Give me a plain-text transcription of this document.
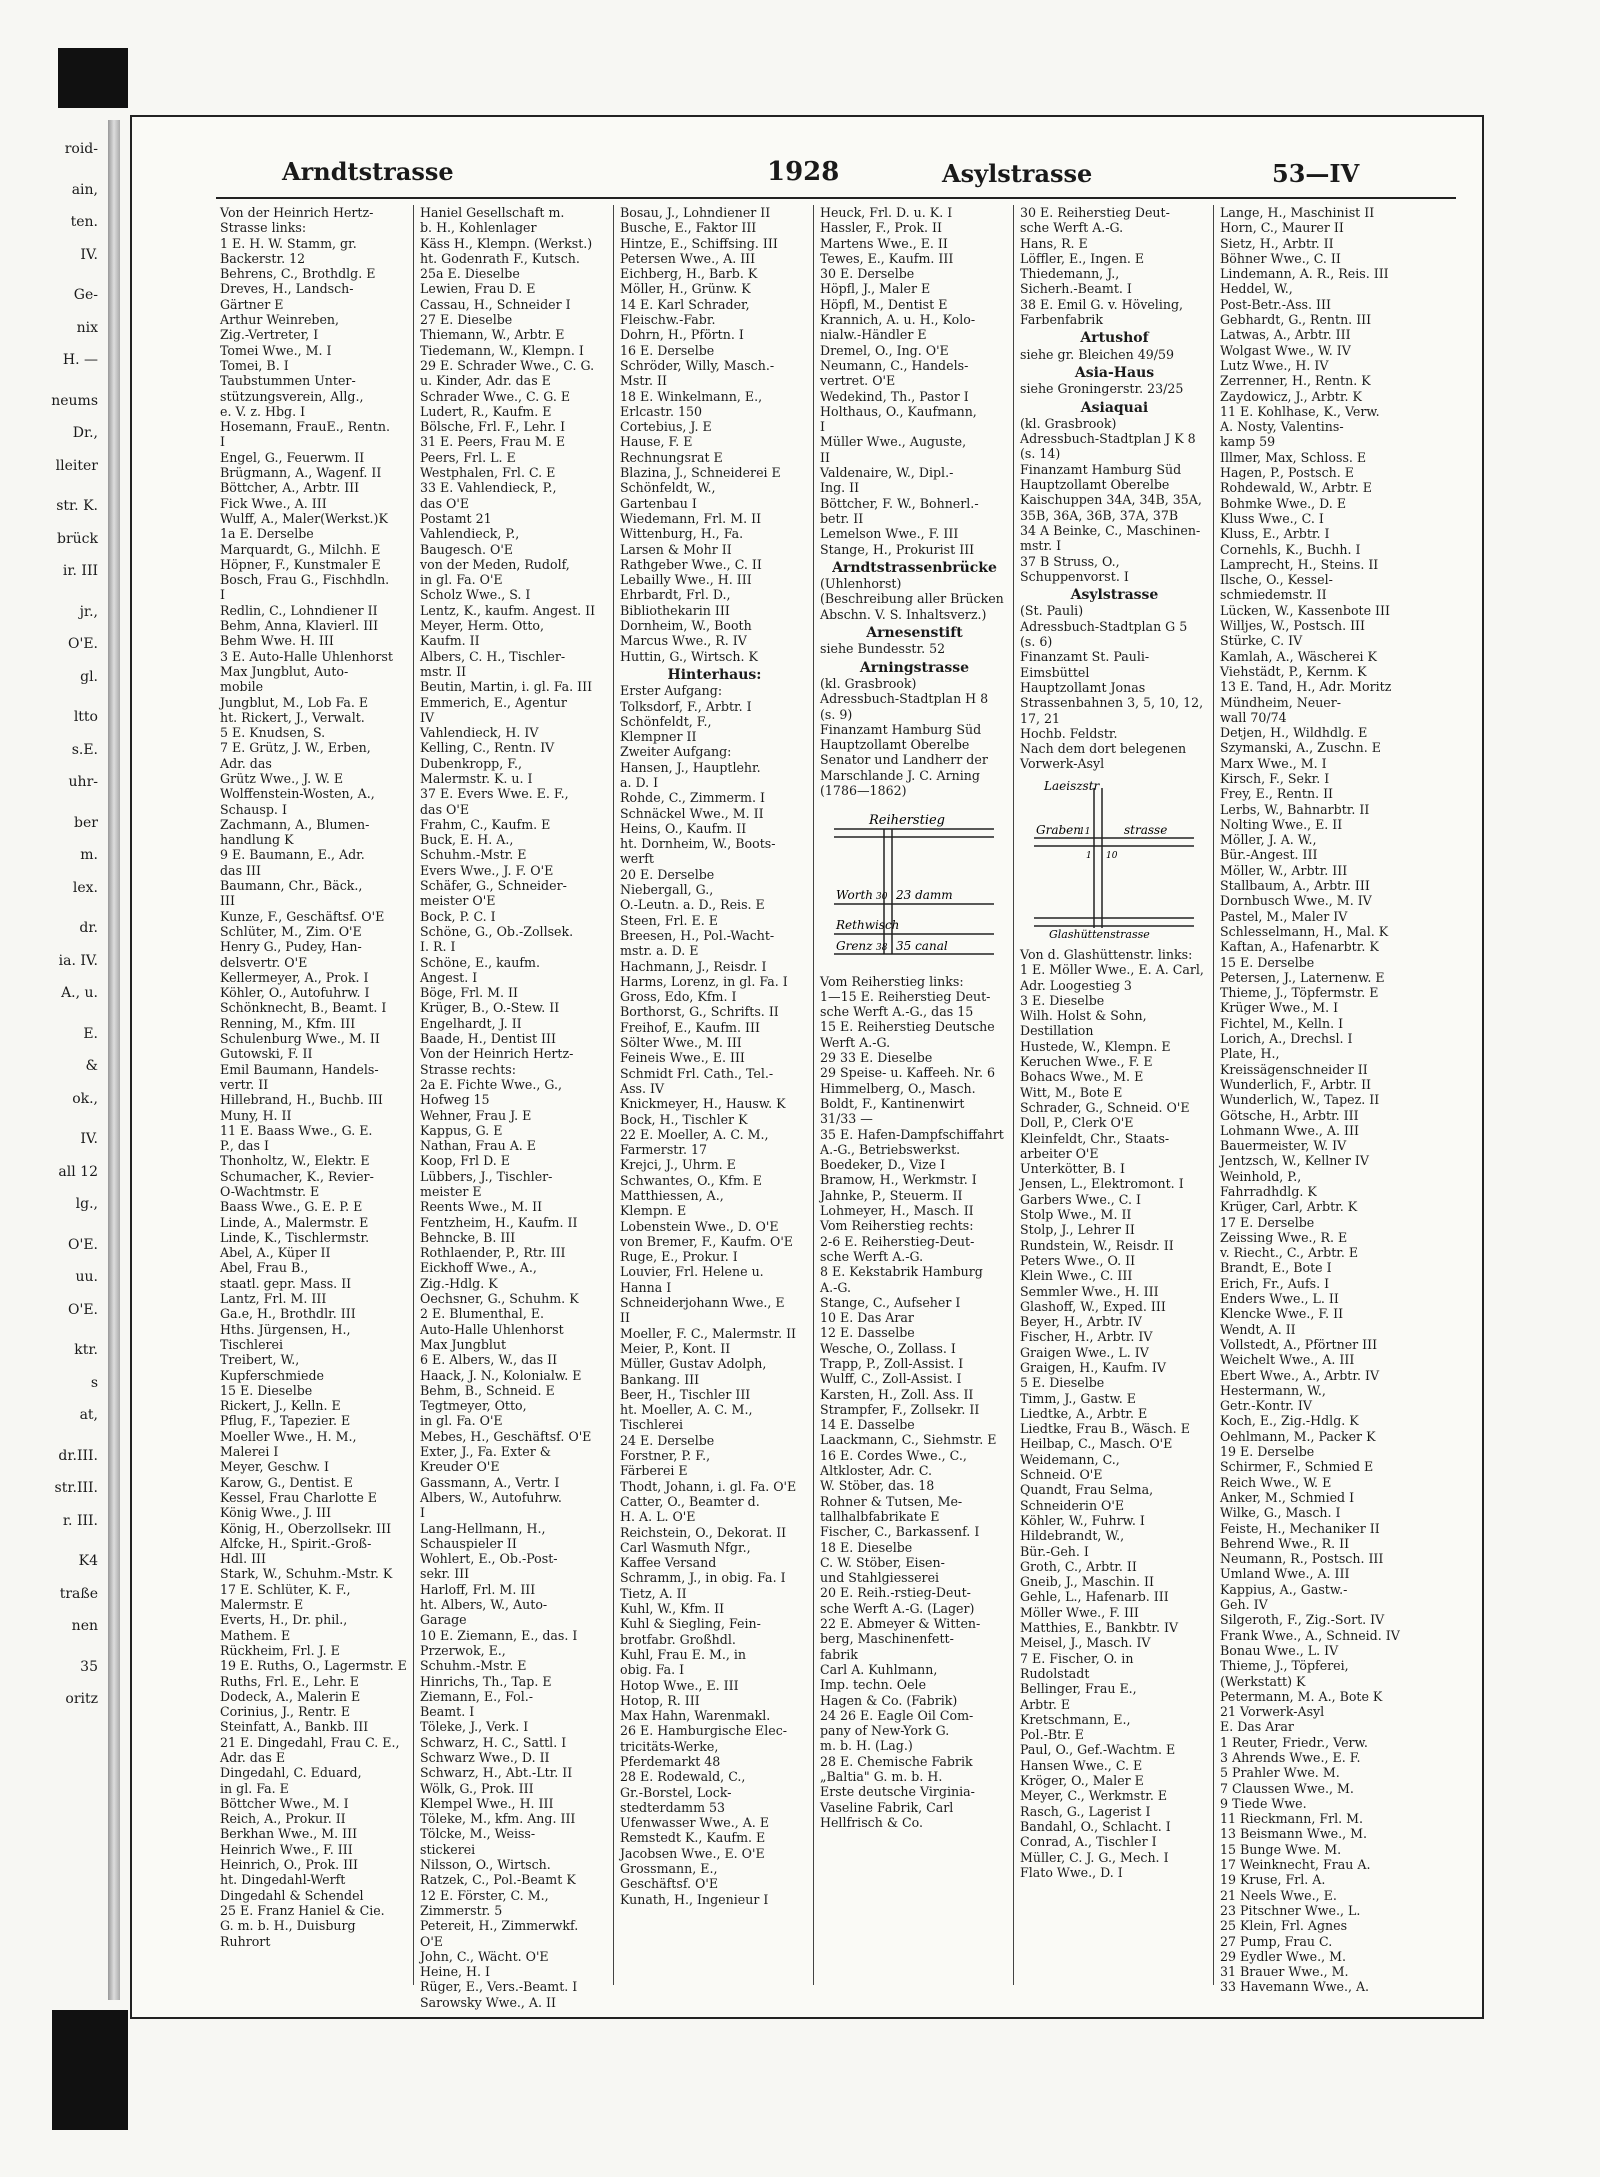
roid-
ain,
ten.
IV.
Ge-
nix
H. —
neums
Dr.,
lleiter
str. K.
brück
ir. III
jr.,
O'E.
gl.
ltto
s.E.
uhr-
ber
m.
lex.
dr.
ia. IV.
A., u.
E.
&
ok.,
IV.
all 12
lg.,
O'E.
uu.
O'E.
ktr.
s
at,
dr.III.
str.III.
r. III.
K4
traße
nen
35
oritz
Arndtstrasse	1928	Asylstrasse	53—IV
Von der Heinrich Hertz-
Strasse links:
1 E. H. W. Stamm, gr.
Backerstr. 12
Behrens, C., Brothdlg. E
Dreves, H., Landsch-
Gärtner E
Arthur Weinreben,
Zig.-Vertreter, I
Tomei Wwe., M. I
Tomei, B. I
Taubstummen Unter-
stützungsverein, Allg.,
e. V. z. Hbg. I
Hosemann, FrauE., Rentn.
I
Engel, G., Feuerwm. II
Brügmann, A., Wagenf. II
Böttcher, A., Arbtr. III
Fick Wwe., A. III
Wulff, A., Maler(Werkst.)K
1a E. Derselbe
Marquardt, G., Milchh. E
Höpner, F., Kunstmaler E
Bosch, Frau G., Fischhdln.
I
Redlin, C., Lohndiener II
Behm, Anna, Klavierl. III
Behm Wwe. H. III
3 E. Auto-Halle Uhlenhorst
Max Jungblut, Auto-
mobile
Jungblut, M., Lob Fa. E
ht. Rickert, J., Verwalt.
5 E. Knudsen, S.
7 E. Grütz, J. W., Erben,
Adr. das
Grütz Wwe., J. W. E
Wolffenstein-Wosten, A.,
Schausp. I
Zachmann, A., Blumen-
handlung K
9 E. Baumann, E., Adr.
das III
Baumann, Chr., Bäck.,
III
Kunze, F., Geschäftsf. O'E
Schlüter, M., Zim. O'E
Henry G., Pudey, Han-
delsvertr. O'E
Kellermeyer, A., Prok. I
Köhler, O., Autofuhrw. I
Schönknecht, B., Beamt. I
Renning, M., Kfm. III
Schulenburg Wwe., M. II
Gutowski, F. II
Emil Baumann, Handels-
vertr. II
Hillebrand, H., Buchb. III
Muny, H. II
11 E. Baass Wwe., G. E.
P., das I
Thonholtz, W., Elektr. E
Schumacher, K., Revier-
O-Wachtmstr. E
Baass Wwe., G. E. P. E
Linde, A., Malermstr. E
Linde, K., Tischlermstr.
Abel, A., Küper II
Abel, Frau B.,
staatl. gepr. Mass. II
Lantz, Frl. M. III
Ga.e, H., Brothdlr. III
Hths. Jürgensen, H.,
Tischlerei
Treibert, W.,
Kupferschmiede
15 E. Dieselbe
Rickert, J., Kelln. E
Pflug, F., Tapezier. E
Moeller Wwe., H. M.,
Malerei I
Meyer, Geschw. I
Karow, G., Dentist. E
Kessel, Frau Charlotte E
König Wwe., J. III
König, H., Oberzollsekr. III
Alfcke, H., Spirit.-Groß-
Hdl. III
Stark, W., Schuhm.-Mstr. K
17 E. Schlüter, K. F.,
Malermstr. E
Everts, H., Dr. phil.,
Mathem. E
Rückheim, Frl. J. E
19 E. Ruths, O., Lagermstr. E
Ruths, Frl. E., Lehr. E
Dodeck, A., Malerin E
Corinius, J., Rentr. E
Steinfatt, A., Bankb. III
21 E. Dingedahl, Frau C. E.,
Adr. das E
Dingedahl, C. Eduard,
in gl. Fa. E
Böttcher Wwe., M. I
Reich, A., Prokur. II
Berkhan Wwe., M. III
Heinrich Wwe., F. III
Heinrich, O., Prok. III
ht. Dingedahl-Werft
Dingedahl & Schendel
25 E. Franz Haniel & Cie.
G. m. b. H., Duisburg
Ruhrort
Haniel Gesellschaft m.
b. H., Kohlenlager
Käss H., Klempn. (Werkst.)
ht. Godenrath F., Kutsch.
25a E. Dieselbe
Lewien, Frau D. E
Cassau, H., Schneider I
27 E. Dieselbe
Thiemann, W., Arbtr. E
Tiedemann, W., Klempn. I
29 E. Schrader Wwe., C. G.
u. Kinder, Adr. das E
Schrader Wwe., C. G. E
Ludert, R., Kaufm. E
Bölsche, Frl. F., Lehr. I
31 E. Peers, Frau M. E
Peers, Frl. L. E
Westphalen, Frl. C. E
33 E. Vahlendieck, P.,
das O'E
Postamt 21
Vahlendieck, P.,
Baugesch. O'E
von der Meden, Rudolf,
in gl. Fa. O'E
Scholz Wwe., S. I
Lentz, K., kaufm. Angest. II
Meyer, Herm. Otto,
Kaufm. II
Albers, C. H., Tischler-
mstr. II
Beutin, Martin, i. gl. Fa. III
Emmerich, E., Agentur
IV
Vahlendieck, H. IV
Kelling, C., Rentn. IV
Dubenkropp, F.,
Malermstr. K. u. I
37 E. Evers Wwe. E. F.,
das O'E
Frahm, C., Kaufm. E
Buck, E. H. A.,
Schuhm.-Mstr. E
Evers Wwe., J. F. O'E
Schäfer, G., Schneider-
meister O'E
Bock, P. C. I
Schöne, G., Ob.-Zollsek.
I. R. I
Schöne, E., kaufm.
Angest. I
Böge, Frl. M. II
Krüger, B., O.-Stew. II
Engelhardt, J. II
Baade, H., Dentist III
Von der Heinrich Hertz-
Strasse rechts:
2a E. Fichte Wwe., G.,
Hofweg 15
Wehner, Frau J. E
Kappus, G. E
Nathan, Frau A. E
Koop, Frl D. E
Lübbers, J., Tischler-
meister E
Reents Wwe., M. II
Fentzheim, H., Kaufm. II
Behncke, B. III
Rothlaender, P., Rtr. III
Eickhoff Wwe., A.,
Zig.-Hdlg. K
Oechsner, G., Schuhm. K
2 E. Blumenthal, E.
Auto-Halle Uhlenhorst
Max Jungblut
6 E. Albers, W., das II
Haack, J. N., Kolonialw. E
Behm, B., Schneid. E
Tegtmeyer, Otto,
in gl. Fa. O'E
Mebes, H., Geschäftsf. O'E
Exter, J., Fa. Exter &
Kreuder O'E
Gassmann, A., Vertr. I
Albers, W., Autofuhrw.
I
Lang-Hellmann, H.,
Schauspieler II
Wohlert, E., Ob.-Post-
sekr. III
Harloff, Frl. M. III
ht. Albers, W., Auto-
Garage
10 E. Ziemann, E., das. I
Przerwok, E.,
Schuhm.-Mstr. E
Hinrichs, Th., Tap. E
Ziemann, E., Fol.-
Beamt. I
Töleke, J., Verk. I
Schwarz, H. C., Sattl. I
Schwarz Wwe., D. II
Schwarz, H., Abt.-Ltr. II
Wölk, G., Prok. III
Klempel Wwe., H. III
Töleke, M., kfm. Ang. III
Tölcke, M., Weiss-
stickerei
Nilsson, O., Wirtsch.
Ratzek, C., Pol.-Beamt K
12 E. Förster, C. M.,
Zimmerstr. 5
Petereit, H., Zimmerwkf.
O'E
John, C., Wächt. O'E
Heine, H. I
Rüger, E., Vers.-Beamt. I
Sarowsky Wwe., A. II
Bosau, J., Lohndiener II
Busche, E., Faktor III
Hintze, E., Schiffsing. III
Petersen Wwe., A. III
Eichberg, H., Barb. K
Möller, H., Grünw. K
14 E. Karl Schrader,
Fleischw.-Fabr.
Dohrn, H., Pförtn. I
16 E. Derselbe
Schröder, Willy, Masch.-
Mstr. II
18 E. Winkelmann, E.,
Erlcastr. 150
Cortebius, J. E
Hause, F. E
Rechnungsrat E
Blazina, J., Schneiderei E
Schönfeldt, W.,
Gartenbau I
Wiedemann, Frl. M. II
Wittenburg, H., Fa.
Larsen & Mohr II
Rathgeber Wwe., C. II
Lebailly Wwe., H. III
Ehrbardt, Frl. D.,
Bibliothekarin III
Dornheim, W., Booth
Marcus Wwe., R. IV
Huttin, G., Wirtsch. K
Hinterhaus:
Erster Aufgang:
Tolksdorf, F., Arbtr. I
Schönfeldt, F.,
Klempner II
Zweiter Aufgang:
Hansen, J., Hauptlehr.
a. D. I
Rohde, C., Zimmerm. I
Schnäckel Wwe., M. II
Heins, O., Kaufm. II
ht. Dornheim, W., Boots-
werft
20 E. Derselbe
Niebergall, G.,
O.-Leutn. a. D., Reis. E
Steen, Frl. E. E
Breesen, H., Pol.-Wacht-
mstr. a. D. E
Hachmann, J., Reisdr. I
Harms, Lorenz, in gl. Fa. I
Gross, Edo, Kfm. I
Borthorst, G., Schrifts. II
Freihof, E., Kaufm. III
Sölter Wwe., M. III
Feineis Wwe., E. III
Schmidt Frl. Cath., Tel.-
Ass. IV
Knickmeyer, H., Hausw. K
Bock, H., Tischler K
22 E. Moeller, A. C. M.,
Farmerstr. 17
Krejci, J., Uhrm. E
Schwantes, O., Kfm. E
Matthiessen, A.,
Klempn. E
Lobenstein Wwe., D. O'E
von Bremer, F., Kaufm. O'E
Ruge, E., Prokur. I
Louvier, Frl. Helene u.
Hanna I
Schneiderjohann Wwe., E
II
Moeller, F. C., Malermstr. II
Meier, P., Kont. II
Müller, Gustav Adolph,
Bankang. III
Beer, H., Tischler III
ht. Moeller, A. C. M.,
Tischlerei
24 E. Derselbe
Forstner, P. F.,
Färberei E
Thodt, Johann, i. gl. Fa. O'E
Catter, O., Beamter d.
H. A. L. O'E
Reichstein, O., Dekorat. II
Carl Wasmuth Nfgr.,
Kaffee Versand
Schramm, J., in obig. Fa. I
Tietz, A. II
Kuhl, W., Kfm. II
Kuhl & Siegling, Fein-
brotfabr. Großhdl.
Kuhl, Frau E. M., in
obig. Fa. I
Hotop Wwe., E. III
Hotop, R. III
Max Hahn, Warenmakl.
26 E. Hamburgische Elec-
tricitäts-Werke,
Pferdemarkt 48
28 E. Rodewald, C.,
Gr.-Borstel, Lock-
stedterdamm 53
Ufenwasser Wwe., A. E
Remstedt K., Kaufm. E
Jacobsen Wwe., E. O'E
Grossmann, E.,
Geschäftsf. O'E
Kunath, H., Ingenieur I
Heuck, Frl. D. u. K. I
Hassler, F., Prok. II
Martens Wwe., E. II
Tewes, E., Kaufm. III
30 E. Derselbe
Höpfl, J., Maler E
Höpfl, M., Dentist E
Krannich, A. u. H., Kolo-
nialw.-Händler E
Dremel, O., Ing. O'E
Neumann, C., Handels-
vertret. O'E
Wedekind, Th., Pastor I
Holthaus, O., Kaufmann,
I
Müller Wwe., Auguste,
II
Valdenaire, W., Dipl.-
Ing. II
Böttcher, F. W., Bohnerl.-
betr. II
Lemelson Wwe., F. III
Stange, H., Prokurist III
Arndtstrassenbrücke
(Uhlenhorst)
(Beschreibung aller Brücken
Abschn. V. S. Inhaltsverz.)
Arnesenstift
siehe Bundesstr. 52
Arningstrasse
(kl. Grasbrook)
Adressbuch-Stadtplan H 8
(s. 9)
Finanzamt Hamburg Süd
Hauptzollamt Oberelbe
Senator und Landherr der
Marschlande J. C. Arning
(1786—1862)
Reiherstieg
Worth 30 23 damm
Rethwisch
Grenz 38 35 canal
Vom Reiherstieg links:
1—15 E. Reiherstieg Deut-
sche Werft A.-G., das 15
15 E. Reiherstieg Deutsche
Werft A.-G.
29 33 E. Dieselbe
29 Speise- u. Kaffeeh. Nr. 6
Himmelberg, O., Masch.
Boldt, F., Kantinenwirt
31/33 —
35 E. Hafen-Dampfschiffahrt
A.-G., Betriebswerkst.
Boedeker, D., Vize I
Bramow, H., Werkmstr. I
Jahnke, P., Steuerm. II
Lohmeyer, H., Masch. II
Vom Reiherstieg rechts:
2-6 E. Reiherstieg-Deut-
sche Werft A.-G.
8 E. Kekstabrik Hamburg
A.-G.
Stange, C., Aufseher I
10 E. Das Arar
12 E. Dasselbe
Wesche, O., Zollass. I
Trapp, P., Zoll-Assist. I
Wulff, C., Zoll-Assist. I
Karsten, H., Zoll. Ass. II
Strampfer, F., Zollsekr. II
14 E. Dasselbe
Laackmann, C., Siehmstr. E
16 E. Cordes Wwe., C.,
Altkloster, Adr. C.
W. Stöber, das. 18
Rohner & Tutsen, Me-
tallhalbfabrikate E
Fischer, C., Barkassenf. I
18 E. Dieselbe
C. W. Stöber, Eisen-
und Stahlgiesserei
20 E. Reih.-rstieg-Deut-
sche Werft A.-G. (Lager)
22 E. Abmeyer & Witten-
berg, Maschinenfett-
fabrik
Carl A. Kuhlmann,
Imp. techn. Oele
Hagen & Co. (Fabrik)
24 26 E. Eagle Oil Com-
pany of New-York G.
m. b. H. (Lag.)
28 E. Chemische Fabrik
„Baltia" G. m. b. H.
Erste deutsche Virginia-
Vaseline Fabrik, Carl
Hellfrisch & Co.
30 E. Reiherstieg Deut-
sche Werft A.-G.
Hans, R. E
Löffler, E., Ingen. E
Thiedemann, J.,
Sicherh.-Beamt. I
38 E. Emil G. v. Höveling,
Farbenfabrik
Artushof
siehe gr. Bleichen 49/59
Asia-Haus
siehe Groningerstr. 23/25
Asiaquai
(kl. Grasbrook)
Adressbuch-Stadtplan J K 8
(s. 14)
Finanzamt Hamburg Süd
Hauptzollamt Oberelbe
Kaischuppen 34A, 34B, 35A,
35B, 36A, 36B, 37A, 37B
34 A Beinke, C., Maschinen-
mstr. I
37 B Struss, O.,
Schuppenvorst. I
Asylstrasse
(St. Pauli)
Adressbuch-Stadtplan G 5
(s. 6)
Finanzamt St. Pauli-
Eimsbüttel
Hauptzollamt Jonas
Strassenbahnen 3, 5, 10, 12,
17, 21
Hochb. Feldstr.
Nach dem dort belegenen
Vorwerk-Asyl
Laeiszstr
Graben
11	strasse
Glashüttenstrasse
1 10
Von d. Glashüttenstr. links:
1 E. Möller Wwe., E. A. Carl,
Adr. Loogestieg 3
3 E. Dieselbe
Wilh. Holst & Sohn,
Destillation
Hustede, W., Klempn. E
Keruchen Wwe., F. E
Bohacs Wwe., M. E
Witt, M., Bote E
Schrader, G., Schneid. O'E
Doll, P., Clerk O'E
Kleinfeldt, Chr., Staats-
arbeiter O'E
Unterkötter, B. I
Jensen, L., Elektromont. I
Garbers Wwe., C. I
Stolp Wwe., M. II
Stolp, J., Lehrer II
Rundstein, W., Reisdr. II
Peters Wwe., O. II
Klein Wwe., C. III
Semmler Wwe., H. III
Glashoff, W., Exped. III
Beyer, H., Arbtr. IV
Fischer, H., Arbtr. IV
Graigen Wwe., L. IV
Graigen, H., Kaufm. IV
5 E. Dieselbe
Timm, J., Gastw. E
Liedtke, A., Arbtr. E
Liedtke, Frau B., Wäsch. E
Heilbap, C., Masch. O'E
Weidemann, C.,
Schneid. O'E
Quandt, Frau Selma,
Schneiderin O'E
Köhler, W., Fuhrw. I
Hildebrandt, W.,
Bür.-Geh. I
Groth, C., Arbtr. II
Gneib, J., Maschin. II
Gehle, L., Hafenarb. III
Möller Wwe., F. III
Matthies, E., Bankbtr. IV
Meisel, J., Masch. IV
7 E. Fischer, O. in
Rudolstadt
Bellinger, Frau E.,
Arbtr. E
Kretschmann, E.,
Pol.-Btr. E
Paul, O., Gef.-Wachtm. E
Hansen Wwe., C. E
Kröger, O., Maler E
Meyer, C., Werkmstr. E
Rasch, G., Lagerist I
Bandahl, O., Schlacht. I
Conrad, A., Tischler I
Müller, C. J. G., Mech. I
Flato Wwe., D. I
Lange, H., Maschinist II
Horn, C., Maurer II
Sietz, H., Arbtr. II
Böhner Wwe., C. II
Lindemann, A. R., Reis. III
Heddel, W.,
Post-Betr.-Ass. III
Gebhardt, G., Rentn. III
Latwas, A., Arbtr. III
Wolgast Wwe., W. IV
Lutz Wwe., H. IV
Zerrenner, H., Rentn. K
Zaydowicz, J., Arbtr. K
11 E. Kohlhase, K., Verw.
A. Nosty, Valentins-
kamp 59
Illmer, Max, Schloss. E
Hagen, P., Postsch. E
Rohdewald, W., Arbtr. E
Bohmke Wwe., D. E
Kluss Wwe., C. I
Kluss, E., Arbtr. I
Cornehls, K., Buchh. I
Lamprecht, H., Steins. II
Ilsche, O., Kessel-
schmiedemstr. II
Lücken, W., Kassenbote III
Willjes, W., Postsch. III
Stürke, C. IV
Kamlah, A., Wäscherei K
Viehstädt, P., Kernm. K
13 E. Tand, H., Adr. Moritz
Mündheim, Neuer-
wall 70/74
Detjen, H., Wildhdlg. E
Szymanski, A., Zuschn. E
Marx Wwe., M. I
Kirsch, F., Sekr. I
Frey, E., Rentn. II
Lerbs, W., Bahnarbtr. II
Nolting Wwe., E. II
Möller, J. A. W.,
Bür.-Angest. III
Möller, W., Arbtr. III
Stallbaum, A., Arbtr. III
Dornbusch Wwe., M. IV
Pastel, M., Maler IV
Schlesselmann, H., Mal. K
Kaftan, A., Hafenarbtr. K
15 E. Derselbe
Petersen, J., Laternenw. E
Thieme, J., Töpfermstr. E
Krüger Wwe., M. I
Fichtel, M., Kelln. I
Lorich, A., Drechsl. I
Plate, H.,
Kreissägenschneider II
Wunderlich, F., Arbtr. II
Wunderlich, W., Tapez. II
Götsche, H., Arbtr. III
Lohmann Wwe., A. III
Bauermeister, W. IV
Jentzsch, W., Kellner IV
Weinhold, P.,
Fahrradhdlg. K
Krüger, Carl, Arbtr. K
17 E. Derselbe
Zeissing Wwe., R. E
v. Riecht., C., Arbtr. E
Brandt, E., Bote I
Erich, Fr., Aufs. I
Enders Wwe., L. II
Klencke Wwe., F. II
Wendt, A. II
Vollstedt, A., Pförtner III
Weichelt Wwe., A. III
Ebert Wwe., A., Arbtr. IV
Hestermann, W.,
Getr.-Kontr. IV
Koch, E., Zig.-Hdlg. K
Oehlmann, M., Packer K
19 E. Derselbe
Schirmer, F., Schmied E
Reich Wwe., W. E
Anker, M., Schmied I
Wilke, G., Masch. I
Feiste, H., Mechaniker II
Behrend Wwe., R. II
Neumann, R., Postsch. III
Umland Wwe., A. III
Kappius, A., Gastw.-
Geh. IV
Silgeroth, F., Zig.-Sort. IV
Frank Wwe., A., Schneid. IV
Bonau Wwe., L. IV
Thieme, J., Töpferei,
(Werkstatt) K
Petermann, M. A., Bote K
21 Vorwerk-Asyl
E. Das Arar
1 Reuter, Friedr., Verw.
3 Ahrends Wwe., E. F.
5 Prahler Wwe. M.
7 Claussen Wwe., M.
9 Tiede Wwe.
11 Rieckmann, Frl. M.
13 Beismann Wwe., M.
15 Bunge Wwe. M.
17 Weinknecht, Frau A.
19 Kruse, Frl. A.
21 Neels Wwe., E.
23 Pitschner Wwe., L.
25 Klein, Frl. Agnes
27 Pump, Frau C.
29 Eydler Wwe., M.
31 Brauer Wwe., M.
33 Havemann Wwe., A.
